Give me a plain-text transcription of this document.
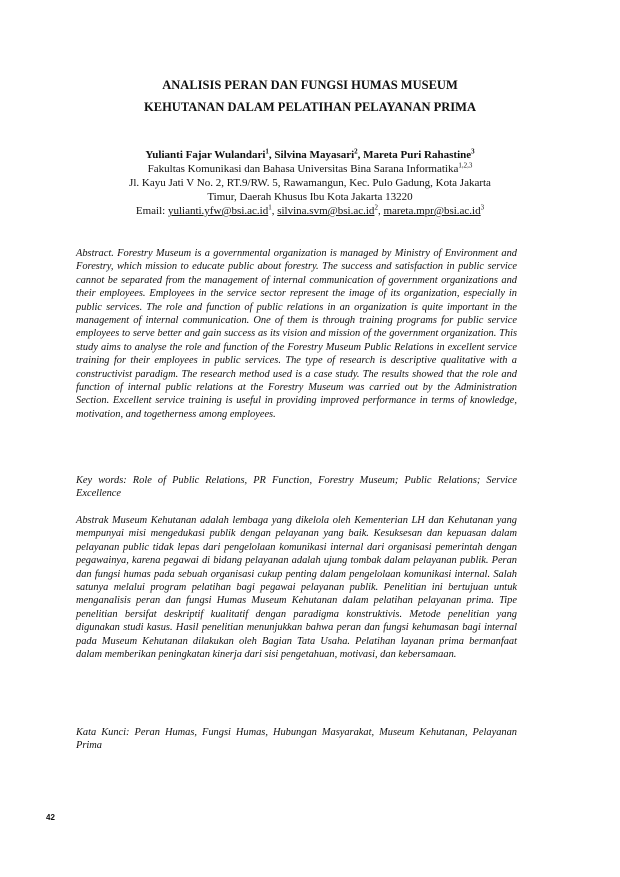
ANALISIS PERAN DAN FUNGSI HUMAS MUSEUM
KEHUTANAN DALAM PELATIHAN PELAYANAN PRIMA
Yulianti Fajar Wulandari$^1$, Silvina Mayasari$^2$, Mareta Puri Rahastine$^3$
Fakultas Komunikasi dan Bahasa Universitas Bina Sarana Informatika$^{1,2,3}$
Jl. Kayu Jati V No. 2, RT.9/RW. 5, Rawamangun, Kec. Pulo Gadung, Kota Jakarta
Timur, Daerah Khusus Ibu Kota Jakarta 13220
Email: $yulianti.yfw@bsi.ac.id^1$, $silvina.svm@bsi.ac.id^2$, $mareta.mpr@bsi.ac.id^3$

Abstract. Forestry Museum is a governmental organization is managed by Ministry of Environment and Forestry, which mission to educate public about forestry. The success and satisfaction in public service cannot be separated from the management of internal communication of government organizations and their employees. Employees in the service sector represent the image of its organization, especially in public services. The role and function of public relations in an organization is quite important in the management of internal communication. One of them is through training programs for public service employees to serve better and gain success as its vision and mission of the government organization. This study aims to analyse the role and function of the Forestry Museum Public Relations in excellent service training for their employees in public services. The type of research is descriptive qualitative with a constructivist paradigm. The research method used is a case study. The results showed that the role and function of internal public relations at the Forestry Museum was carried out by the Administration Section. Excellent service training is useful in providing improved performance in terms of knowledge, motivation, and togetherness among employees.

Key words: Role of Public Relations, PR Function, Forestry Museum; Public Relations; Service Excellence

Abstrak Museum Kehutanan adalah lembaga yang dikelola oleh Kementerian LH dan Kehutanan yang mempunyai misi mengedukasi publik dengan pelayanan yang baik. Kesuksesan dan kepuasan dalam pelayanan public tidak lepas dari pengelolaan komunikasi internal dari organisasi pemerintah dengan pegawainya, karena pegawai di bidang pelayanan adalah ujung tombak dalam pelayanan publik. Peran dan fungsi humas pada sebuah organisasi cukup penting dalam pengelolaan komunikasi internal. Salah satunya melalui program pelatihan bagi pegawai pelayanan publik. Penelitian ini bertujuan untuk menganalisis peran dan fungsi Humas Museum Kehutanan dalam pelatihan pelayanan prima. Tipe penelitian bersifat deskriptif kualitatif dengan paradigma konstruktivis. Metode penelitian yang digunakan studi kasus. Hasil penelitian menunjukkan bahwa peran dan fungsi kehumasan bagi internal pada Museum Kehutanan dilakukan oleh Bagian Tata Usaha. Pelatihan layanan prima bermanfaat dalam memberikan peningkatan kinerja dari sisi pengetahuan, motivasi, dan kebersamaan.

Kata Kunci: Peran Humas, Fungsi Humas, Hubungan Masyarakat, Museum Kehutanan, Pelayanan Prima

42
